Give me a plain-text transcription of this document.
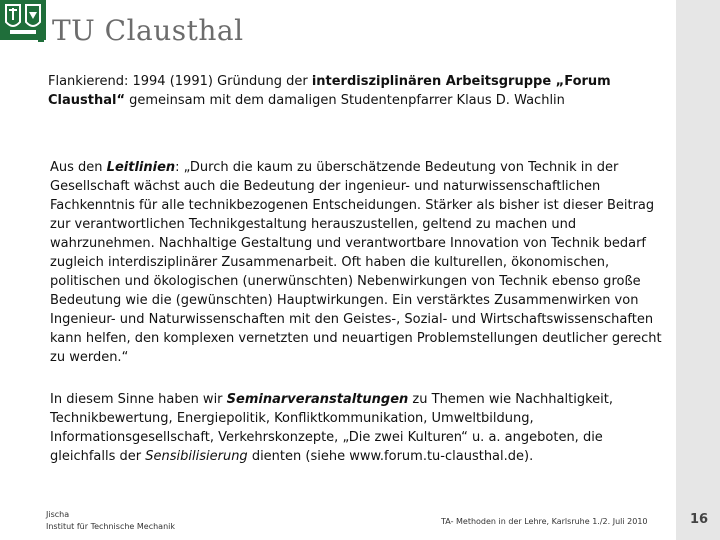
TU Clausthal
Flankierend: 1994 (1991) Gründung der interdisziplinären Arbeitsgruppe „Forum Clausthal“ gemeinsam mit dem damaligen Studentenpfarrer Klaus D. Wachlin
Aus den Leitlinien: „Durch die kaum zu überschätzende Bedeutung von Technik in der Gesellschaft wächst auch die Bedeutung der ingenieur- und naturwissenschaftlichen Fachkenntnis für alle technikbezogenen Entscheidungen. Stärker als bisher ist dieser Beitrag zur verantwortlichen Technikgestaltung herauszustellen, geltend zu machen und wahrzunehmen. Nachhaltige Gestaltung und verantwortbare Innovation von Technik bedarf zugleich interdisziplinärer Zusammenarbeit. Oft haben die kulturellen, ökonomischen, politischen und ökologischen (unerwünschten) Nebenwirkungen von Technik ebenso große Bedeutung wie die (gewünschten) Hauptwirkungen. Ein verstärktes Zusammenwirken von Ingenieur- und Naturwissenschaften mit den Geistes-, Sozial- und Wirtschaftswissenschaften kann helfen, den komplexen vernetzten und neuartigen Problemstellungen deutlicher gerecht zu werden.“
In diesem Sinne haben wir Seminarveranstaltungen zu Themen wie Nachhaltigkeit, Technikbewertung, Energiepolitik, Konfliktkommunikation, Umweltbildung, Informationsgesellschaft, Verkehrskonzepte, „Die zwei Kulturen“ u. a. angeboten, die gleichfalls der Sensibilisierung dienten (siehe www.forum.tu-clausthal.de).
Jischa
Institut für Technische Mechanik
TA- Methoden in der Lehre, Karlsruhe 1./2. Juli 2010	16
